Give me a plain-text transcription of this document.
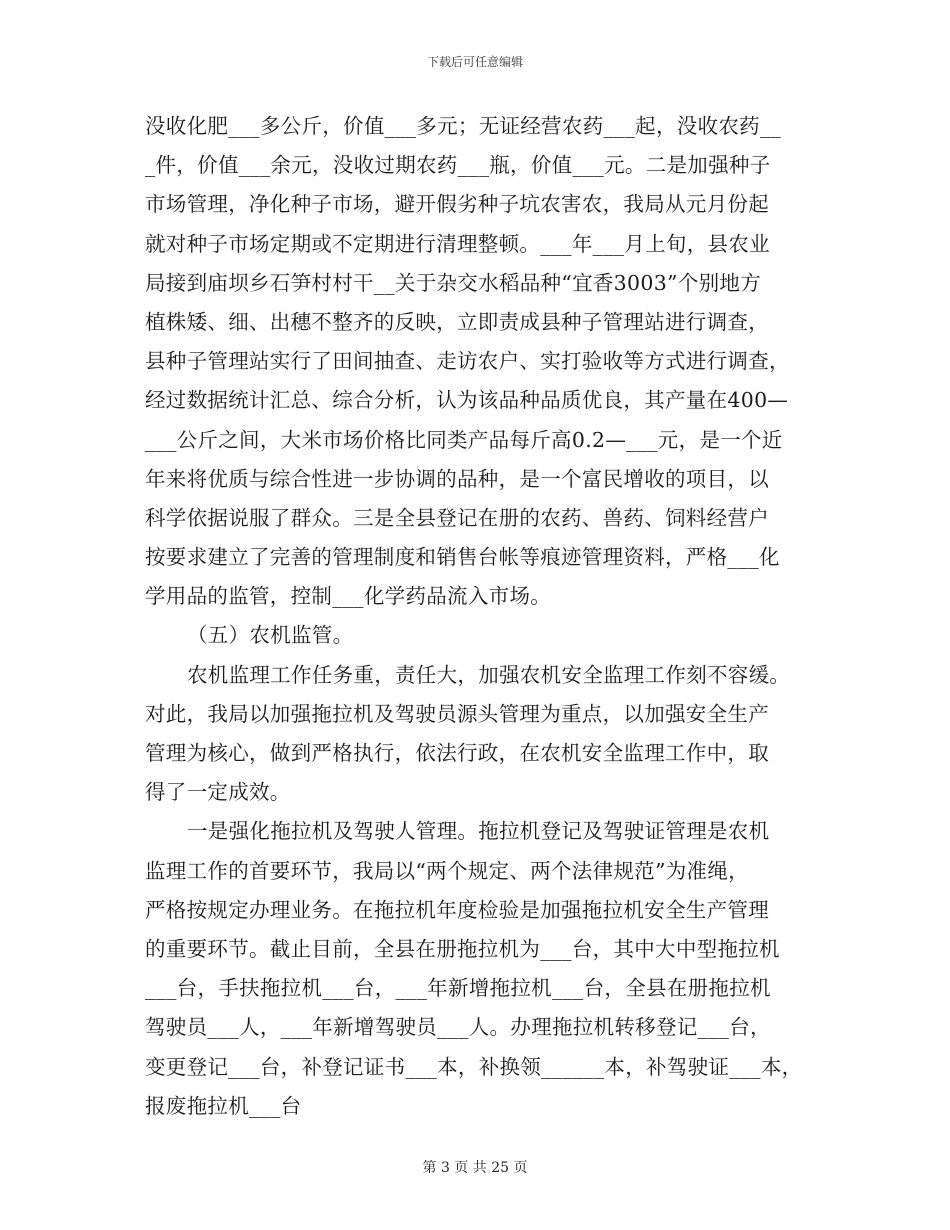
下载后可任意编辑
没收化肥___多公斤，价值___多元；无证经营农药___起，没收农药__
_件，价值___余元，没收过期农药___瓶，价值___元。二是加强种子
市场管理，净化种子市场，避开假劣种子坑农害农，我局从元月份起
就对种子市场定期或不定期进行清理整顿。___年___月上旬，县农业
局接到庙坝乡石笋村村干__关于杂交水稻品种“宜香3003”个别地方
植株矮、细、出穗不整齐的反映，立即责成县种子管理站进行调查，
县种子管理站实行了田间抽查、走访农户、实打验收等方式进行调查，
经过数据统计汇总、综合分析，认为该品种品质优良，其产量在400—
___公斤之间，大米市场价格比同类产品每斤高0.2—___元，是一个近
年来将优质与综合性进一步协调的品种，是一个富民增收的项目，以
科学依据说服了群众。三是全县登记在册的农药、兽药、饲料经营户
按要求建立了完善的管理制度和销售台帐等痕迹管理资料，严格___化
学用品的监管，控制___化学药品流入市场。
（五）农机监管。
农机监理工作任务重，责任大，加强农机安全监理工作刻不容缓。
对此，我局以加强拖拉机及驾驶员源头管理为重点，以加强安全生产
管理为核心，做到严格执行，依法行政，在农机安全监理工作中，取
得了一定成效。
一是强化拖拉机及驾驶人管理。拖拉机登记及驾驶证管理是农机
监理工作的首要环节，我局以“两个规定、两个法律规范”为准绳，
严格按规定办理业务。在拖拉机年度检验是加强拖拉机安全生产管理
的重要环节。截止目前，全县在册拖拉机为___台，其中大中型拖拉机
___台，手扶拖拉机___台，___年新增拖拉机___台，全县在册拖拉机
驾驶员___人，___年新增驾驶员___人。办理拖拉机转移登记___台，
变更登记___台，补登记证书___本，补换领______本，补驾驶证___本，
报废拖拉机___台
第 3 页 共 25 页
